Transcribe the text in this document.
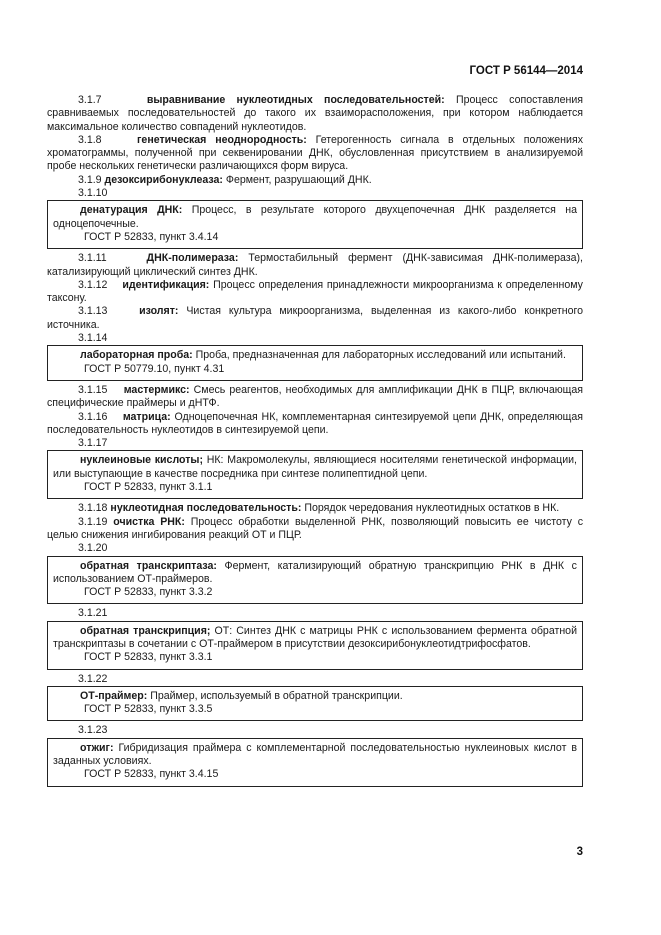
ГОСТ Р 56144—2014
3.1.7	выравнивание нуклеотидных последовательностей: Процесс сопоставления сравниваемых последовательностей до такого их взаиморасположения, при котором наблюдается максимальное количество совпадений нуклеотидов.
3.1.8	генетическая неоднородность: Гетерогенность сигнала в отдельных положениях хроматограммы, полученной при секвенировании ДНК, обусловленная присутствием в анализируемой пробе нескольких генетически различающихся форм вируса.
3.1.9 дезоксирибонуклеаза: Фермент, разрушающий ДНК.
3.1.10
денатурация ДНК: Процесс, в результате которого двухцепочечная ДНК разделяется на одноцепочечные.
ГОСТ Р 52833, пункт 3.4.14
3.1.11	ДНК-полимераза: Термостабильный фермент (ДНК-зависимая ДНК-полимераза), катализирующий циклический синтез ДНК.
3.1.12 идентификация: Процесс определения принадлежности микроорганизма к определенному таксону.
3.1.13	изолят: Чистая культура микроорганизма, выделенная из какого-либо конкретного источника.
3.1.14
лабораторная проба: Проба, предназначенная для лабораторных исследований или испытаний.
ГОСТ Р 50779.10, пункт 4.31
3.1.15 мастермикс: Смесь реагентов, необходимых для амплификации ДНК в ПЦР, включающая специфические праймеры и дНТФ.
3.1.16 матрица: Одноцепочечная НК, комплементарная синтезируемой цепи ДНК, определяющая последовательность нуклеотидов в синтезируемой цепи.
3.1.17
нуклеиновые кислоты; НК: Макромолекулы, являющиеся носителями генетической информации, или выступающие в качестве посредника при синтезе полипептидной цепи.
ГОСТ Р 52833, пункт 3.1.1
3.1.18 нуклеотидная последовательность: Порядок чередования нуклеотидных остатков в НК.
3.1.19 очистка РНК: Процесс обработки выделенной РНК, позволяющий повысить ее чистоту с целью снижения ингибирования реакций ОТ и ПЦР.
3.1.20
обратная транскриптаза: Фермент, катализирующий обратную транскрипцию РНК в ДНК с использованием ОТ-праймеров.
ГОСТ Р 52833, пункт 3.3.2
3.1.21
обратная транскрипция; ОТ: Синтез ДНК с матрицы РНК с использованием фермента обратной транскриптазы в сочетании с ОТ-праймером в присутствии дезоксирибонуклеотидтрифосфатов.
ГОСТ Р 52833, пункт 3.3.1
3.1.22
ОТ-праймер: Праймер, используемый в обратной транскрипции.
ГОСТ Р 52833, пункт 3.3.5
3.1.23
отжиг: Гибридизация праймера с комплементарной последовательностью нуклеиновых кислот в заданных условиях.
ГОСТ Р 52833, пункт 3.4.15
3
